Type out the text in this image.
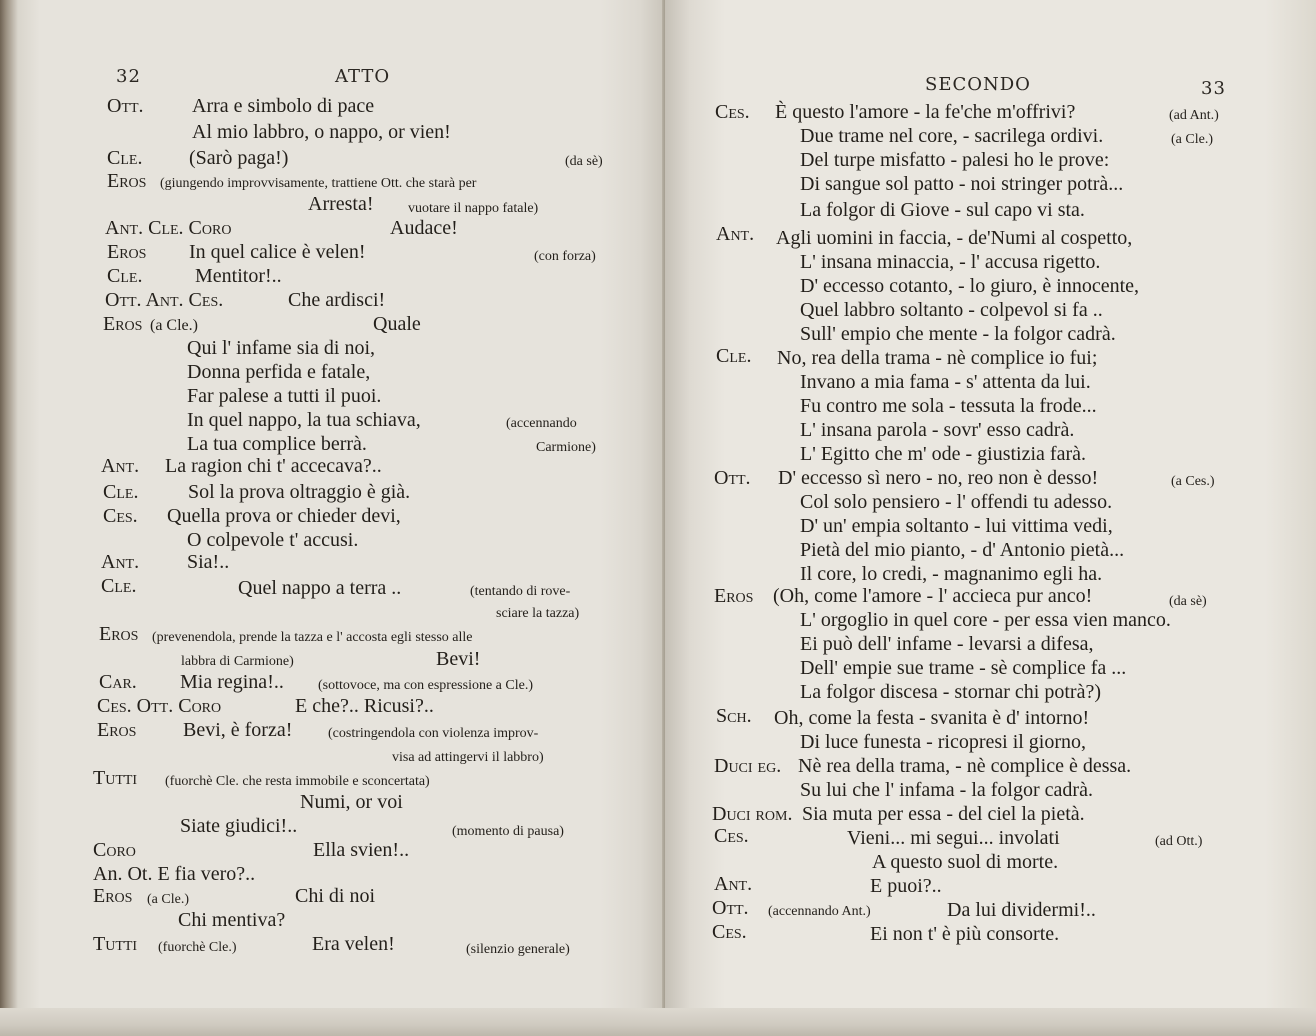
32	ATTO
Ott. Arra e simbolo di pace
Al mio labbro, o nappo, or vien!
Cle. (Sarò paga!)	(da sè)
Eros (giungendo improvvisamente, trattiene Ott. che starà per
Arresta! vuotare il nappo fatale)
Ant. Cle. Coro	Audace!
Eros In quel calice è velen!	(con forza)
Cle.	Mentitor!..
Ott. Ant. Ces.	Che ardisci!
Eros (a Cle.)	Quale
Qui l' infame sia di noi,
Donna perfida e fatale,
Far palese a tutti il puoi.
In quel nappo, la tua schiava,	(accennando
La tua complice berrà.	Carmione)
Ant. La ragion chi t' accecava?..
Cle. Sol la prova oltraggio è già.
Ces. Quella prova or chieder devi,
O colpevole t' accusi.
Ant. Sia!..
Cle.	Quel nappo a terra ..	(tentando di rove-
sciare la tazza)
Eros (prevenendola, prende la tazza e l' accosta egli stesso alle
labbra di Carmione)	Bevi!
Car. Mia regina!.. (sottovoce, ma con espressione a Cle.)
Ces. Ott. Coro	E che?.. Ricusi?..
Eros Bevi, è forza!	(costringendola con violenza improv-
visa ad attingervi il labbro)
Tutti (fuorchè Cle. che resta immobile e sconcertata)
Numi, or voi
Siate giudici!..	(momento di pausa)
Coro	Ella svien!..
An. Ot. E fia vero?..
Eros (a Cle.)	Chi di noi
Chi mentiva?
Tutti (fuorchè Cle.)	Era velen!	(silenzio generale)
SECONDO	33
Ces. È questo l'amore - la fe'che m'offrivi?	(ad Ant.)
Due trame nel core, - sacrilega ordivi.	(a Cle.)
Del turpe misfatto - palesi ho le prove:
Di sangue sol patto - noi stringer potrà...
La folgor di Giove - sul capo vi sta.
Ant. Agli uomini in faccia, - de'Numi al cospetto,
L' insana minaccia, - l' accusa rigetto.
D' eccesso cotanto, - lo giuro, è innocente,
Quel labbro soltanto - colpevol si fa ..
Sull' empio che mente - la folgor cadrà.
Cle. No, rea della trama - nè complice io fui;
Invano a mia fama - s' attenta da lui.
Fu contro me sola - tessuta la frode...
L' insana parola - sovr' esso cadrà.
L' Egitto che m' ode - giustizia farà.
Ott. D' eccesso sì nero - no, reo non è desso!	(a Ces.)
Col solo pensiero - l' offendi tu adesso.
D' un' empia soltanto - lui vittima vedi,
Pietà del mio pianto, - d' Antonio pietà...
Il core, lo credi, - magnanimo egli ha.
Eros (Oh, come l'amore - l' accieca pur anco!	(da sè)
L' orgoglio in quel core - per essa vien manco.
Ei può dell' infame - levarsi a difesa,
Dell' empie sue trame - sè complice fa ...
La folgor discesa - stornar chi potrà?)
Sch. Oh, come la festa - svanita è d' intorno!
Di luce funesta - ricopresi il giorno,
Duci eg. Nè rea della trama, - nè complice è dessa.
Su lui che l' infama - la folgor cadrà.
Duci rom. Sia muta per essa - del ciel la pietà.
Ces.	Vieni... mi segui... involati	(ad Ott.)
A questo suol di morte.
Ant.	E puoi?..
Ott. (accennando Ant.)	Da lui dividermi!..
Ces.	Ei non t' è più consorte.
